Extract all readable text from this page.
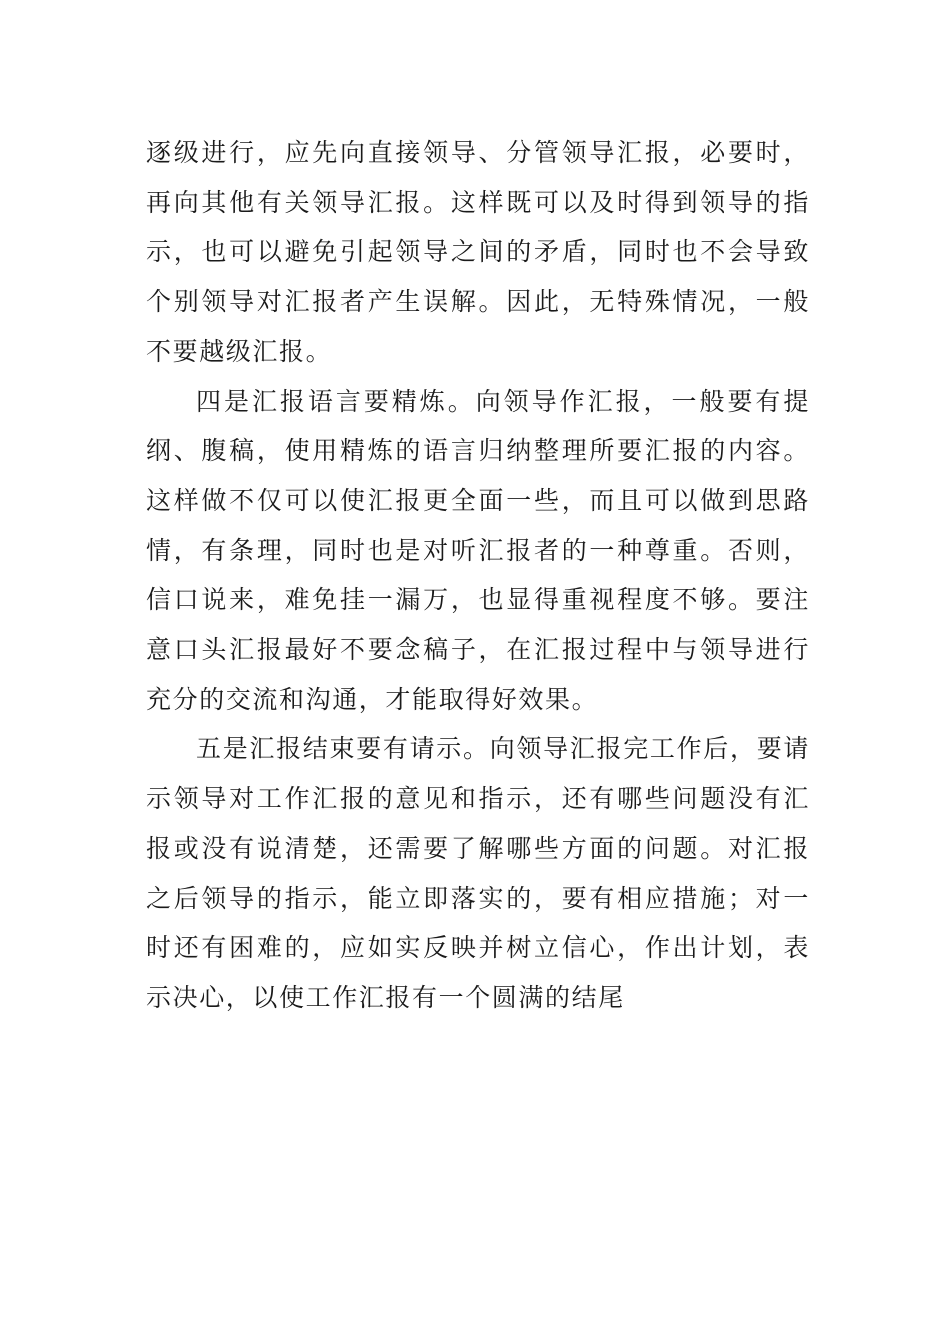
逐级进行，应先向直接领导、分管领导汇报，必要时，再向其他有关领导汇报。这样既可以及时得到领导的指示，也可以避免引起领导之间的矛盾，同时也不会导致个别领导对汇报者产生误解。因此，无特殊情况，一般不要越级汇报。

四是汇报语言要精炼。向领导作汇报，一般要有提纲、腹稿，使用精炼的语言归纳整理所要汇报的内容。这样做不仅可以使汇报更全面一些，而且可以做到思路情，有条理，同时也是对听汇报者的一种尊重。否则，信口说来，难免挂一漏万，也显得重视程度不够。要注意口头汇报最好不要念稿子，在汇报过程中与领导进行充分的交流和沟通，才能取得好效果。

五是汇报结束要有请示。向领导汇报完工作后，要请示领导对工作汇报的意见和指示，还有哪些问题没有汇报或没有说清楚，还需要了解哪些方面的问题。对汇报之后领导的指示，能立即落实的，要有相应措施；对一时还有困难的，应如实反映并树立信心，作出计划，表示决心，以使工作汇报有一个圆满的结尾
